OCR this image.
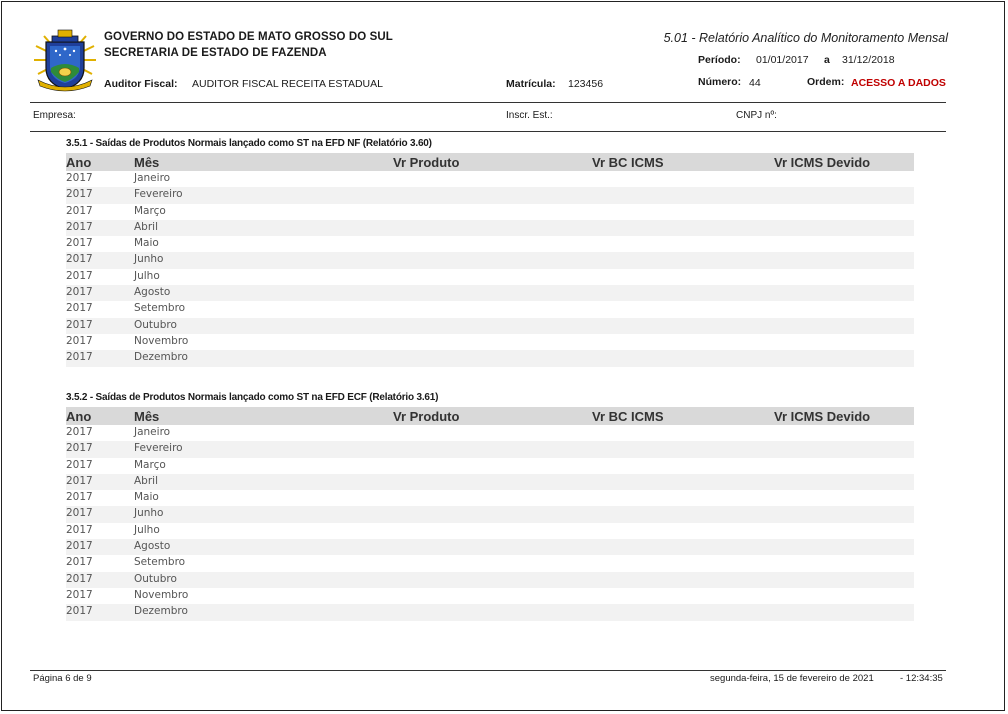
GOVERNO DO ESTADO DE MATO GROSSO DO SUL
SECRETARIA DE ESTADO DE FAZENDA
5.01 - Relatório Analítico do Monitoramento Mensal
Auditor Fiscal: AUDITOR FISCAL RECEITA ESTADUAL	Matrícula: 123456
Período: 01/01/2017 a 31/12/2018
Número: 44	Ordem: ACESSO A DADOS
Empresa:	Inscr. Est.:	CNPJ nº:
3.5.1 - Saídas de Produtos Normais lançado como ST na EFD NF (Relatório 3.60)
Ano	Mês	Vr Produto	Vr BC ICMS	Vr ICMS Devido
2017	Janeiro
2017	Fevereiro
2017	Março
2017	Abril
2017	Maio
2017	Junho
2017	Julho
2017	Agosto
2017	Setembro
2017	Outubro
2017	Novembro
2017	Dezembro
3.5.2 - Saídas de Produtos Normais lançado como ST na EFD ECF (Relatório 3.61)
Ano	Mês	Vr Produto	Vr BC ICMS	Vr ICMS Devido
2017	Janeiro
2017	Fevereiro
2017	Março
2017	Abril
2017	Maio
2017	Junho
2017	Julho
2017	Agosto
2017	Setembro
2017	Outubro
2017	Novembro
2017	Dezembro
Página 6 de 9	segunda-feira, 15 de fevereiro de 2021	- 12:34:35
